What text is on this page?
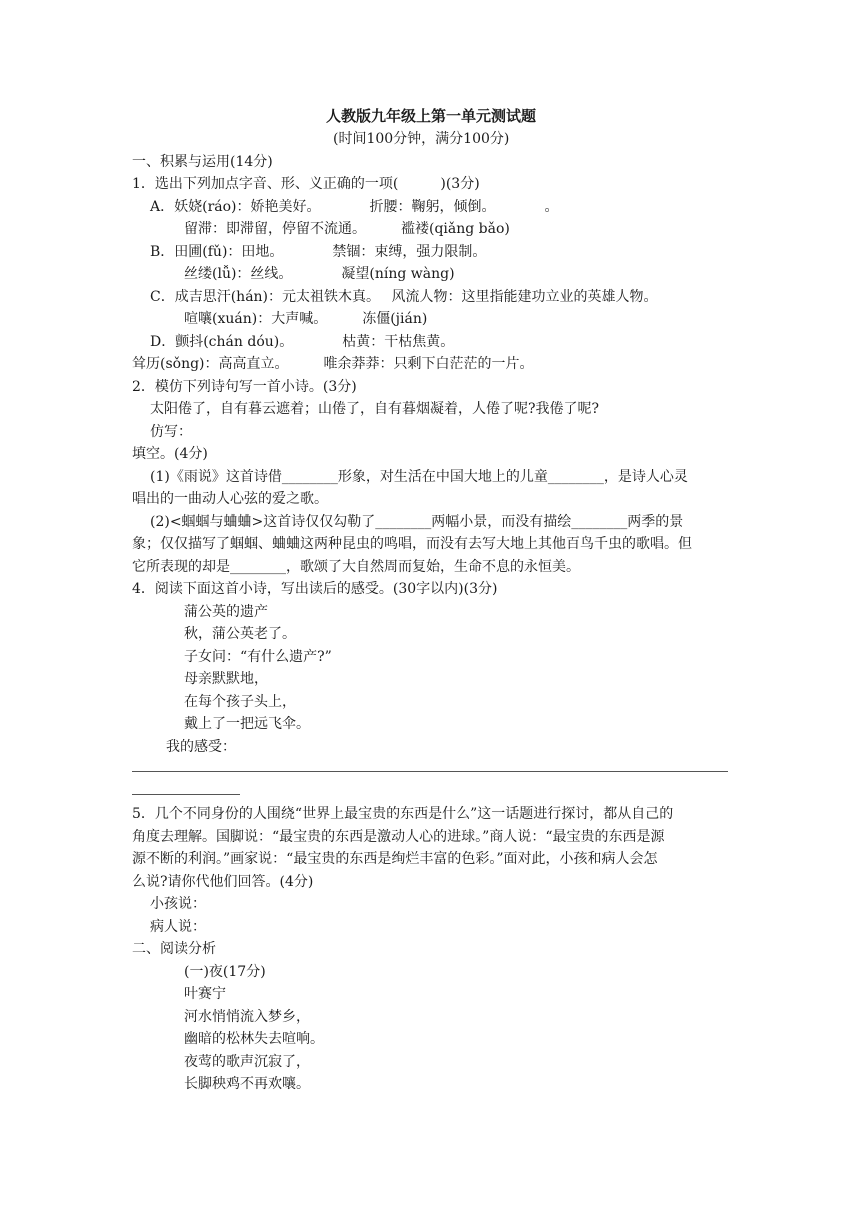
人教版九年级上第一单元测试题
(时间100分钟，满分100分)
一、积累与运用(14分)
1．选出下列加点字音、形、义正确的一项(　　　)(3分)
A．妖娆(ráo)：娇艳美好。　　　　折腰：鞠躬，倾倒。　　　　。
留滞：即滞留，停留不流通。　　　褴褛(qiǎng bǎo)
B．田圃(fǔ)：田地。　　　　禁锢：束缚，强力限制。
丝缕(lǚ)：丝线。　　　　凝望(níng wàng)
C．成吉思汗(hán)：元太祖铁木真。　 风流人物：这里指能建功立业的英雄人物。
喧嚷(xuán)：大声喊。　　　冻僵(jián)
D．颤抖(chán dóu)。　　　　枯黄：干枯焦黄。
耸历(sǒng)：高高直立。　　　唯余莽莽：只剩下白茫茫的一片。
2．模仿下列诗句写一首小诗。(3分)
太阳倦了，自有暮云遮着；山倦了，自有暮烟凝着，人倦了呢?我倦了呢?
仿写：
填空。(4分)
(1)《雨说》这首诗借________形象，对生活在中国大地上的儿童________，是诗人心灵
唱出的一曲动人心弦的爱之歌。
(2)<蝈蝈与蛐蛐>这首诗仅仅勾勒了________两幅小景，而没有描绘________两季的景
象；仅仅描写了蝈蝈、蛐蛐这两种昆虫的鸣唱，而没有去写大地上其他百鸟千虫的歌唱。但
它所表现的却是________，歌颂了大自然周而复始，生命不息的永恒美。
4．阅读下面这首小诗，写出读后的感受。(30字以内)(3分)
蒲公英的遗产
秋，蒲公英老了。
子女问：“有什么遗产?”
母亲默默地，
在每个孩子头上，
戴上了一把远飞伞。
我的感受：
5．几个不同身份的人围绕“世界上最宝贵的东西是什么”这一话题进行探讨，都从自己的
角度去理解。国脚说：“最宝贵的东西是激动人心的进球。”商人说：“最宝贵的东西是源
源不断的利润。”画家说：“最宝贵的东西是绚烂丰富的色彩。”面对此，小孩和病人会怎
么说?请你代他们回答。(4分)
小孩说：
病人说：
二、阅读分析
(一)夜(17分)
叶赛宁
河水悄悄流入梦乡，
幽暗的松林失去喧响。
夜莺的歌声沉寂了，
长脚秧鸡不再欢嚷。
